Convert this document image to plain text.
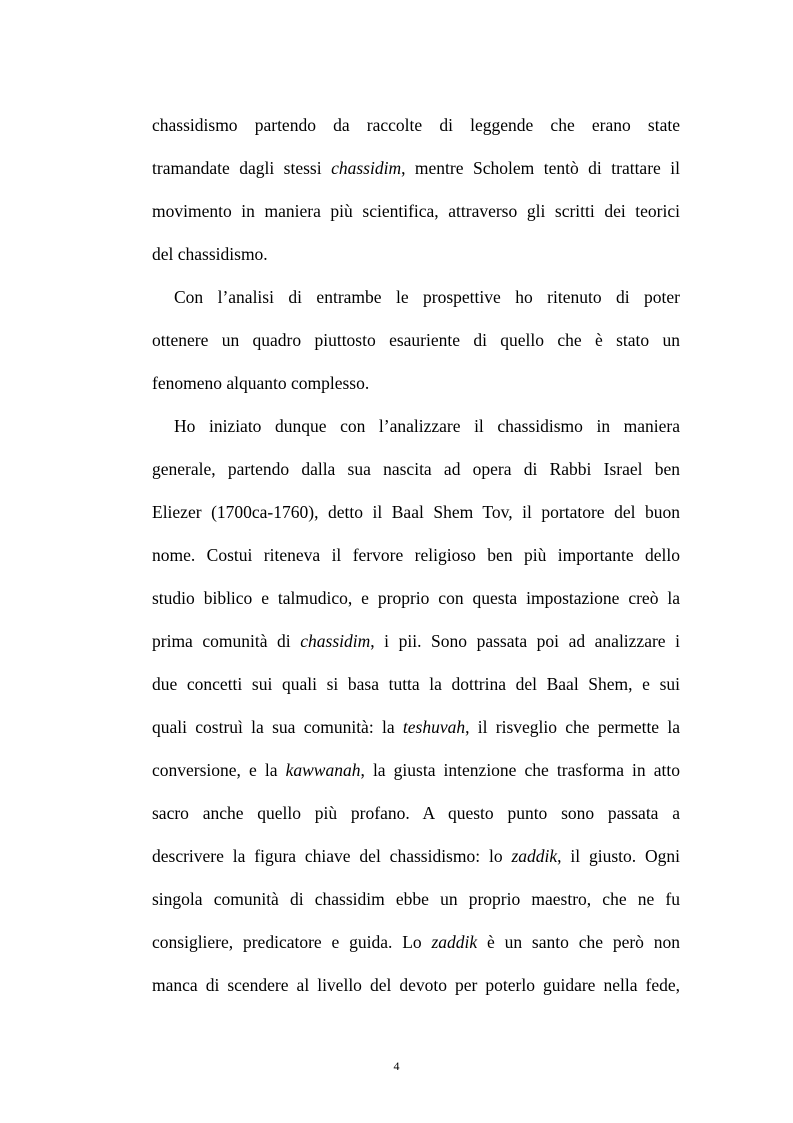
chassidismo partendo da raccolte di leggende che erano state
tramandate dagli stessi chassidim, mentre Scholem tentò di trattare il
movimento in maniera più scientifica, attraverso gli scritti dei teorici
del chassidismo.
Con l’analisi di entrambe le prospettive ho ritenuto di poter
ottenere un quadro piuttosto esauriente di quello che è stato un
fenomeno alquanto complesso.
Ho iniziato dunque con l’analizzare il chassidismo in maniera
generale, partendo dalla sua nascita ad opera di Rabbi Israel ben
Eliezer (1700ca-1760), detto il Baal Shem Tov, il portatore del buon
nome. Costui riteneva il fervore religioso ben più importante dello
studio biblico e talmudico, e proprio con questa impostazione creò la
prima comunità di chassidim, i pii. Sono passata poi ad analizzare i
due concetti sui quali si basa tutta la dottrina del Baal Shem, e sui
quali costruì la sua comunità: la teshuvah, il risveglio che permette la
conversione, e la kawwanah, la giusta intenzione che trasforma in atto
sacro anche quello più profano. A questo punto sono passata a
descrivere la figura chiave del chassidismo: lo zaddik, il giusto. Ogni
singola comunità di chassidim ebbe un proprio maestro, che ne fu
consigliere, predicatore e guida. Lo zaddik è un santo che però non
manca di scendere al livello del devoto per poterlo guidare nella fede,
4
